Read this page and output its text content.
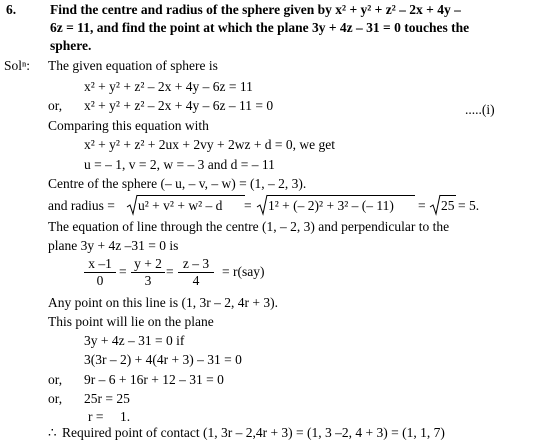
6.	Find the centre and radius of the sphere given by x² + y² + z² – 2x + 4y –
6z = 11, and find the point at which the plane 3y + 4z – 31 = 0 touches the
sphere.
Solⁿ: The given equation of sphere is
x² + y² + z² – 2x + 4y – 6z = 11
or, x² + y² + z² – 2x + 4y – 6z – 11 = 0	.....(i)
Comparing this equation with
x² + y² + z² + 2ux + 2vy + 2wz + d = 0, we get
u = – 1, v = 2, w = – 3 and d = – 11
Centre of the sphere (– u, – v, – w) = (1, – 2, 3).
and radius = u² + v² + w² – d = 1² + (– 2)² + 3² – (– 11) = 25 = 5.
The equation of line through the centre (1, – 2, 3) and perpendicular to the
plane 3y + 4z –31 = 0 is
x –1
0
=
y + 2
3
=
z – 3
4
= r(say)
Any point on this line is (1, 3r – 2, 4r + 3).
This point will lie on the plane
3y + 4z – 31 = 0 if
3(3r – 2) + 4(4r + 3) – 31 = 0
or, 9r – 6 + 16r + 12 – 31 = 0
or, 25r = 25
r = 1.
∴ Required point of contact (1, 3r – 2,4r + 3) = (1, 3 –2, 4 + 3) = (1, 1, 7)
